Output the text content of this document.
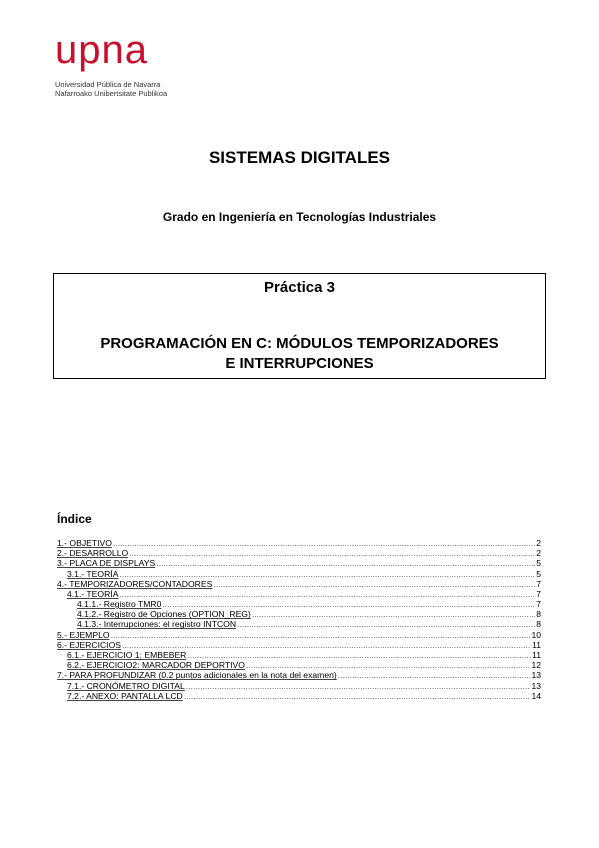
upna
Universidad Pública de Navarra
Nafarroako Unibertsitate Publikoa
SISTEMAS DIGITALES
Grado en Ingeniería en Tecnologías Industriales
Práctica 3
PROGRAMACIÓN EN C: MÓDULOS TEMPORIZADORES
E INTERRUPCIONES
Índice
1.- OBJETIVO .....	2
2.- DESARROLLO .....	2
3.- PLACA DE DISPLAYS .....	5
3.1.- TEORÍA .....	5
4.- TEMPORIZADORES/CONTADORES .....	7
4.1.- TEORÍA .....	7
4.1.1.- Registro TMR0 .....	7
4.1.2.- Registro de Opciones (OPTION_REG) .....	8
4.1.3.- Interrupciones: el registro INTCON .....	8
5.- EJEMPLO .....	10
6.- EJERCICIOS .....	11
6.1.- EJERCICIO 1: EMBEBER .....	11
6.2.- EJERCICIO2: MARCADOR DEPORTIVO .....	12
7.- PARA PROFUNDIZAR (0.2 puntos adicionales en la nota del examen) .....	13
7.1.- CRONÓMETRO DIGITAL .....	13
7.2.- ANEXO: PANTALLA LCD .....	14
